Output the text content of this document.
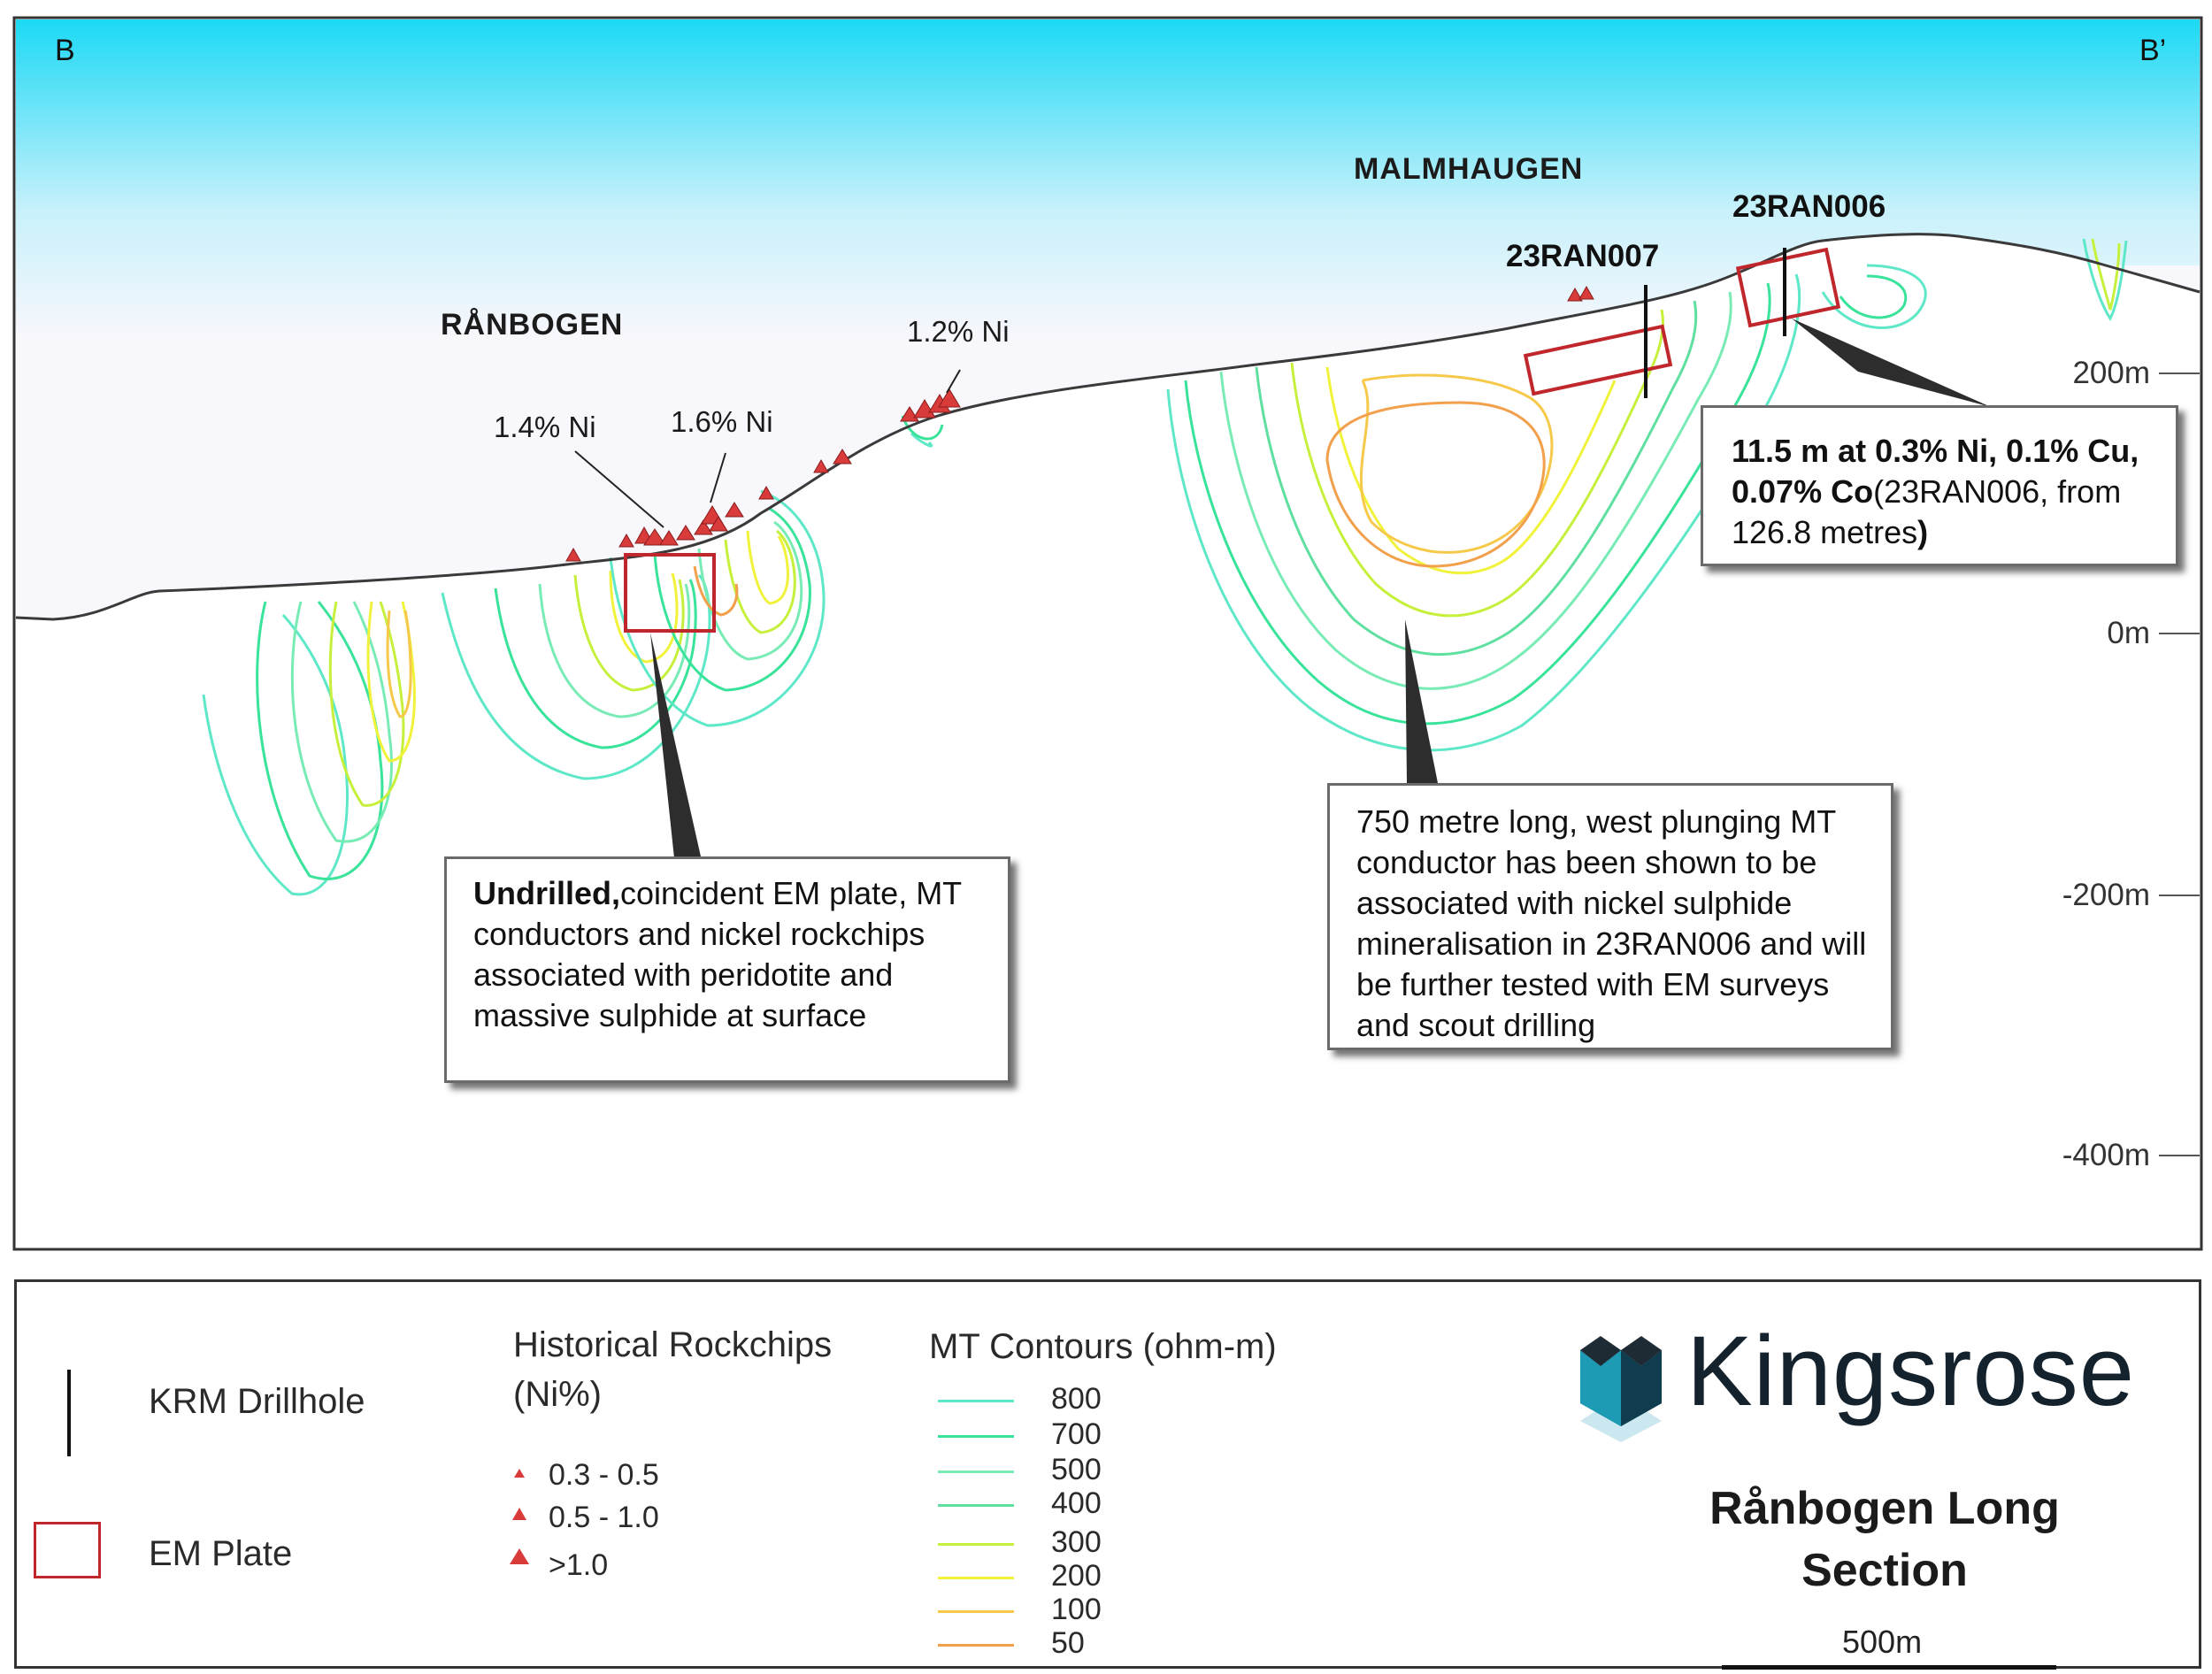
B	B’
RÅNBOGEN
MALMHAUGEN
23RAN007
23RAN006
1.4% Ni	1.6% Ni
1.2% Ni
200m
0m
-200m
-400m
11.5 m at 0.3% Ni, 0.1% Cu, 0.07% Co(23RAN006, from 126.8 metres)
Undrilled,coincident EM plate, MT conductors and nickel rockchips associated with peridotite and massive sulphide at surface
750 metre long, west plunging MT conductor has been shown to be associated with nickel sulphide mineralisation in 23RAN006 and will be further tested with EM surveys and scout drilling
KRM Drillhole
EM Plate
Historical Rockchips
(Ni%)
0.3 - 0.5
0.5 - 1.0
>1.0
MT Contours (ohm-m)
800
700
500
400
300
200
100
50
Kingsrose
Rånbogen Long
Section
500m
